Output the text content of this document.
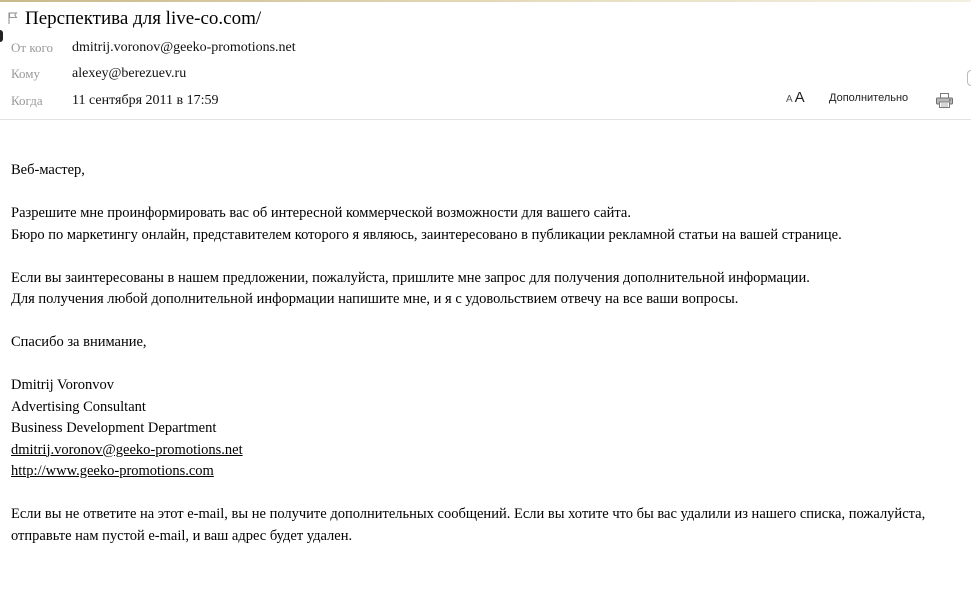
Перспектива для live-co.com/
От кого dmitrij.voronov@geeko-promotions.net
Кому alexey@berezuev.ru
Когда 11 сентября 2011 в 17:59	A A Дополнительно

Веб-мастер,

Разрешите мне проинформировать вас об интересной коммерческой возможности для вашего сайта.

Бюро по маркетингу онлайн, представителем которого я являюсь, заинтересовано в публикации рекламной статьи на вашей странице.

Если вы заинтересованы в нашем предложении, пожалуйста, пришлите мне запрос для получения дополнительной информации.

Для получения любой дополнительной информации напишите мне, и я с удовольствием отвечу на все ваши вопросы.

Спасибо за внимание,

Dmitrij Voronvov

Advertising Consultant

Business Development Department

dmitrij.voronov@geeko-promotions.net

http://www.geeko-promotions.com

Если вы не ответите на этот e-mail, вы не получите дополнительных сообщений. Если вы хотите что бы вас удалили из нашего списка, пожалуйста, отправьте нам пустой e-mail, и ваш адрес будет удален.
